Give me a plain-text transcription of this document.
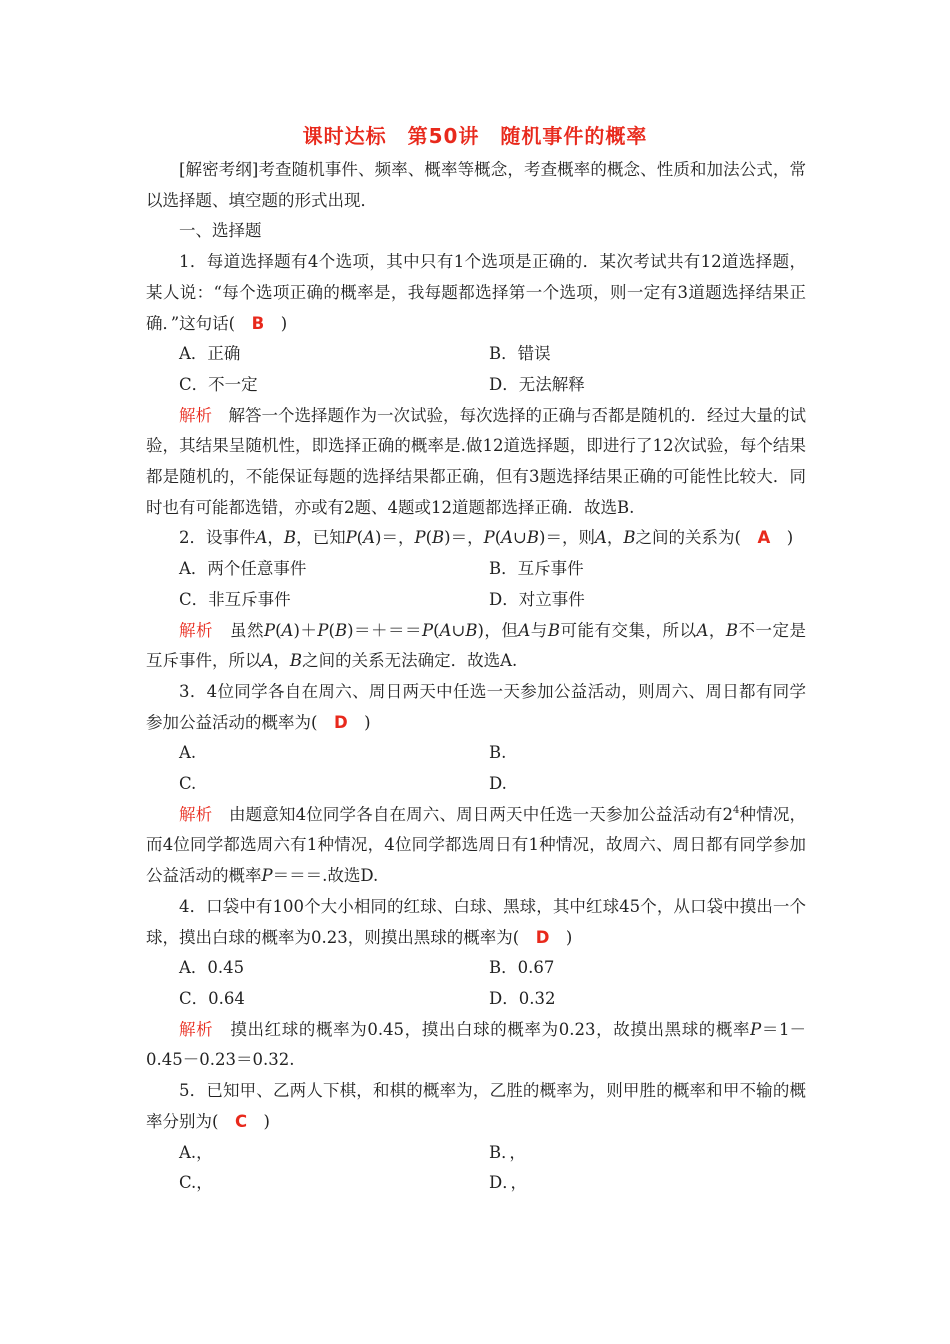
课时达标　第50讲　随机事件的概率

[解密考纲]考查随机事件、频率、概率等概念，考查概率的概念、性质和加法公式，常以选择题、填空题的形式出现．

一、选择题

1．每道选择题有4个选项，其中只有1个选项是正确的．某次考试共有12道选择题，某人说：“每个选项正确的概率是，我每题都选择第一个选项，则一定有3道题选择结果正确．”这句话(　 B　 )

A．正确	B．错误
C．不一定	D．无法解释

解析　 解答一个选择题作为一次试验，每次选择的正确与否都是随机的．经过大量的试验，其结果呈随机性，即选择正确的概率是.做12道选择题，即进行了12次试验，每个结果都是随机的，不能保证每题的选择结果都正确，但有3题选择结果正确的可能性比较大．同时也有可能都选错，亦或有2题、4题或12道题都选择正确．故选B.

2．设事件A，B，已知P(A)＝，P(B)＝，P(A∪B)＝，则A，B之间的关系为(　 A　 )

A．两个任意事件	B．互斥事件
C．非互斥事件	D．对立事件

解析　 虽然P(A)＋P(B)＝＋＝＝P(A∪B)，但A与B可能有交集，所以A，B不一定是互斥事件，所以A，B之间的关系无法确定．故选A.

3．4位同学各自在周六、周日两天中任选一天参加公益活动，则周六、周日都有同学参加公益活动的概率为(　 D　 )

A.	B.
C.	D.

解析　 由题意知4位同学各自在周六、周日两天中任选一天参加公益活动有$2^4$种情况，而4位同学都选周六有1种情况，4位同学都选周日有1种情况，故周六、周日都有同学参加公益活动的概率P＝＝＝.故选D.

4．口袋中有100个大小相同的红球、白球、黑球，其中红球45个，从口袋中摸出一个球，摸出白球的概率为0.23，则摸出黑球的概率为(　 D　 )

A．0.45	B．0.67
C．0.64	D．0.32

解析　 摸出红球的概率为0.45，摸出白球的概率为0.23，故摸出黑球的概率P＝1－0.45－0.23＝0.32.

5．已知甲、乙两人下棋，和棋的概率为，乙胜的概率为，则甲胜的概率和甲不输的概率分别为(　 C　 )

A.，	B．，
C.，	D．，
